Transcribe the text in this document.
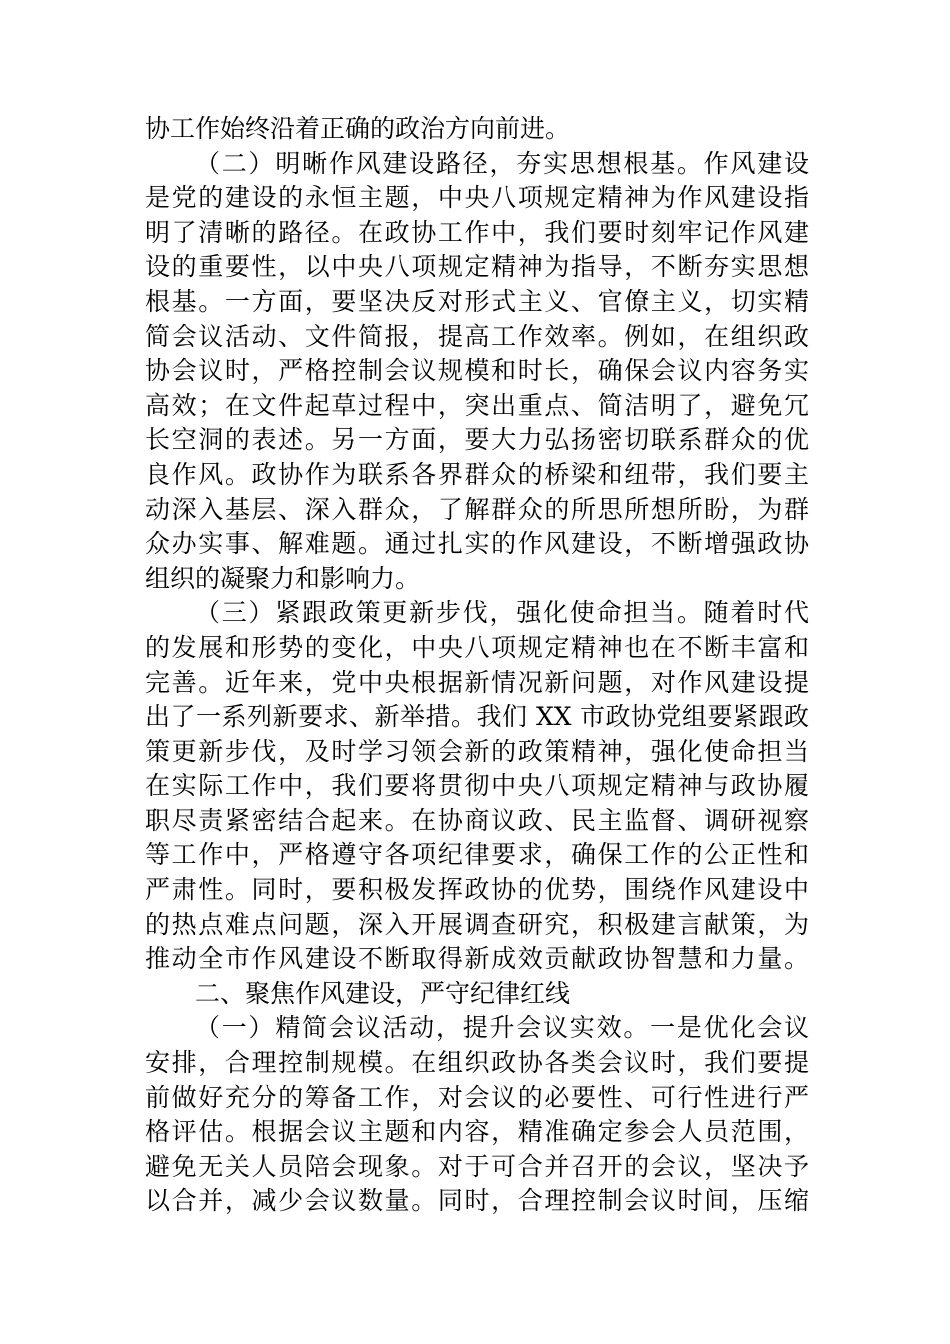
协工作始终沿着正确的政治方向前进。
（二）明晰作风建设路径，夯实思想根基。作风建设
是党的建设的永恒主题，中央八项规定精神为作风建设指
明了清晰的路径。在政协工作中，我们要时刻牢记作风建
设的重要性，以中央八项规定精神为指导，不断夯实思想
根基。一方面，要坚决反对形式主义、官僚主义，切实精
简会议活动、文件简报，提高工作效率。例如，在组织政
协会议时，严格控制会议规模和时长，确保会议内容务实
高效；在文件起草过程中，突出重点、简洁明了，避免冗
长空洞的表述。另一方面，要大力弘扬密切联系群众的优
良作风。政协作为联系各界群众的桥梁和纽带，我们要主
动深入基层、深入群众，了解群众的所思所想所盼，为群
众办实事、解难题。通过扎实的作风建设，不断增强政协
组织的凝聚力和影响力。
（三）紧跟政策更新步伐，强化使命担当。随着时代
的发展和形势的变化，中央八项规定精神也在不断丰富和
完善。近年来，党中央根据新情况新问题，对作风建设提
出了一系列新要求、新举措。我们 XX 市政协党组要紧跟政
策更新步伐，及时学习领会新的政策精神，强化使命担当
在实际工作中，我们要将贯彻中央八项规定精神与政协履
职尽责紧密结合起来。在协商议政、民主监督、调研视察
等工作中，严格遵守各项纪律要求，确保工作的公正性和
严肃性。同时，要积极发挥政协的优势，围绕作风建设中
的热点难点问题，深入开展调查研究，积极建言献策，为
推动全市作风建设不断取得新成效贡献政协智慧和力量。
二、聚焦作风建设，严守纪律红线
（一）精简会议活动，提升会议实效。一是优化会议
安排，合理控制规模。在组织政协各类会议时，我们要提
前做好充分的筹备工作，对会议的必要性、可行性进行严
格评估。根据会议主题和内容，精准确定参会人员范围，
避免无关人员陪会现象。对于可合并召开的会议，坚决予
以合并，减少会议数量。同时，合理控制会议时间，压缩
